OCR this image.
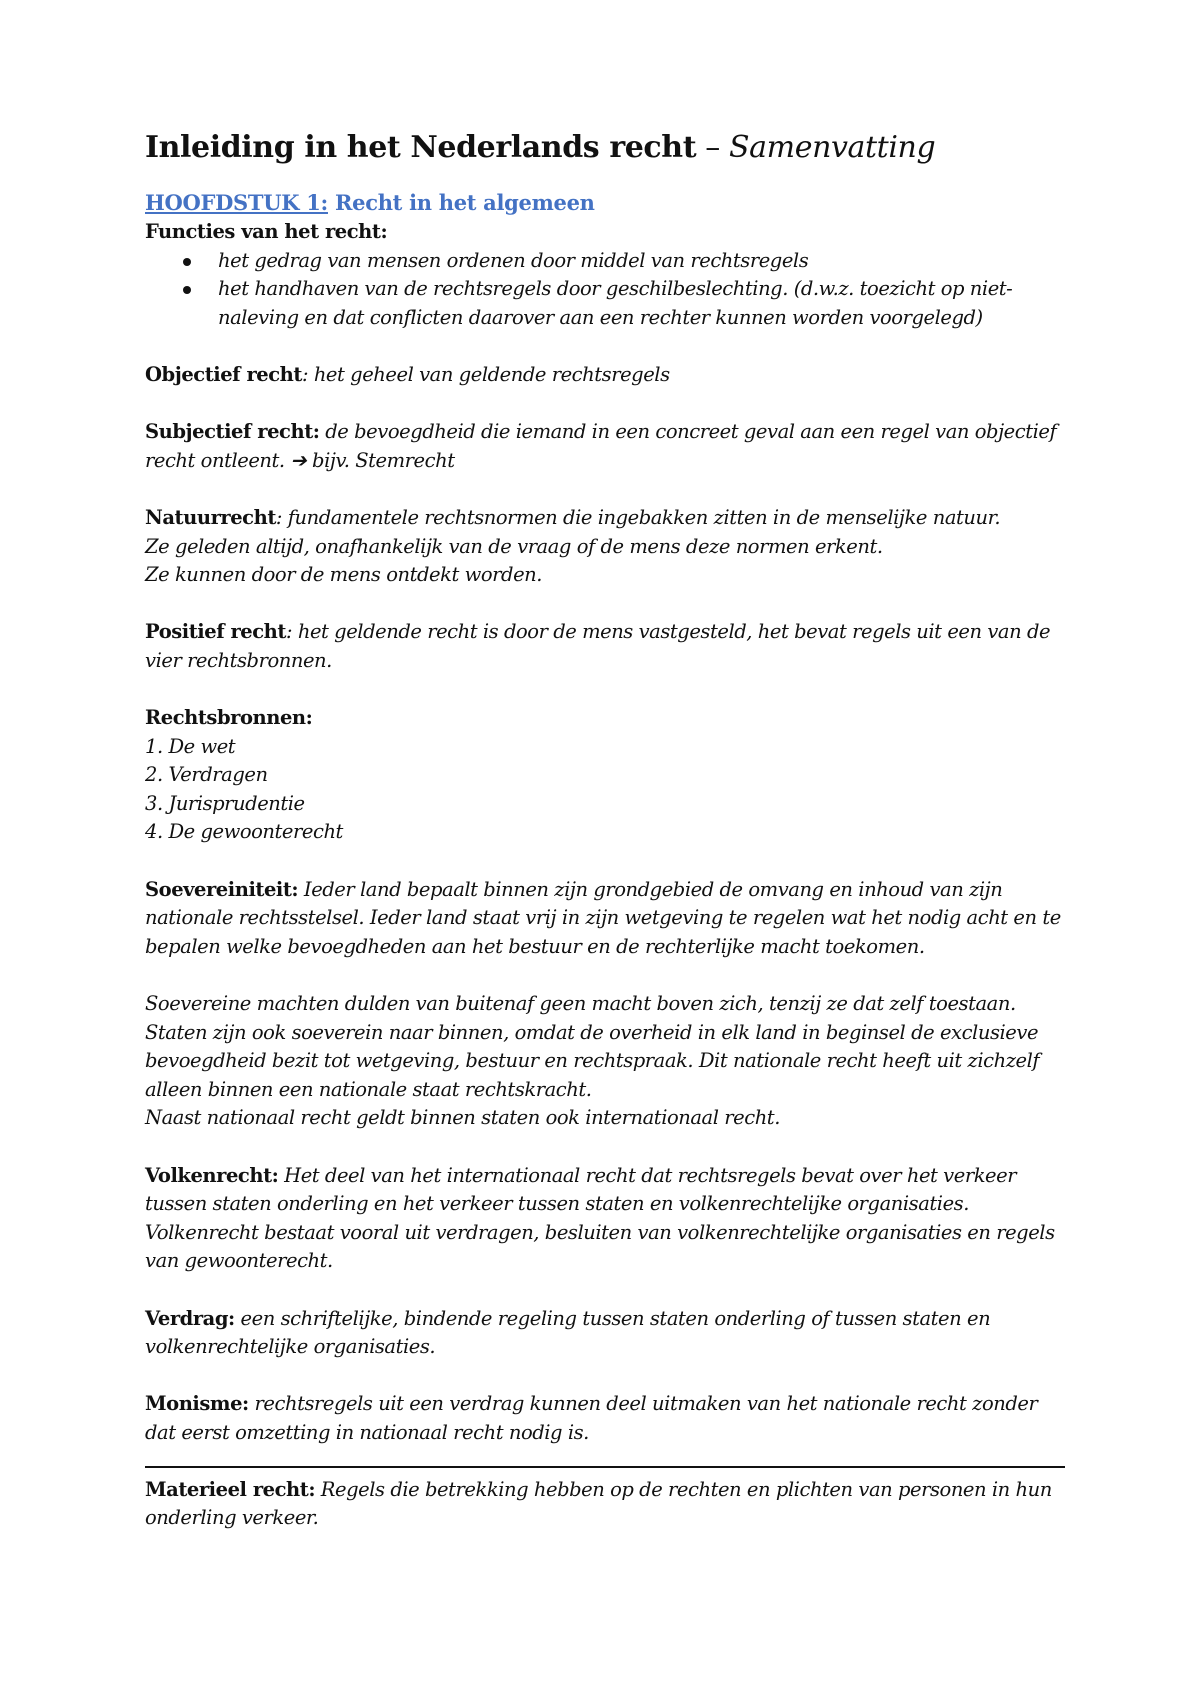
Inleiding in het Nederlands recht – Samenvatting
HOOFDSTUK 1: Recht in het algemeen

Functies van het recht:

het gedrag van mensen ordenen door middel van rechtsregels
het handhaven van de rechtsregels door geschilbeslechting. (d.w.z. toezicht op niet-naleving en dat conflicten daarover aan een rechter kunnen worden voorgelegd)

Objectief recht: het geheel van geldende rechtsregels

Subjectief recht: de bevoegdheid die iemand in een concreet geval aan een regel van objectief recht ontleent. ➔ bijv. Stemrecht

Natuurrecht: fundamentele rechtsnormen die ingebakken zitten in de menselijke natuur.
Ze geleden altijd, onafhankelijk van de vraag of de mens deze normen erkent.
Ze kunnen door de mens ontdekt worden.

Positief recht: het geldende recht is door de mens vastgesteld, het bevat regels uit een van de vier rechtsbronnen.

Rechtsbronnen:

1. De wet
2. Verdragen
3. Jurisprudentie
4. De gewoonterecht

Soevereiniteit: Ieder land bepaalt binnen zijn grondgebied de omvang en inhoud van zijn nationale rechtsstelsel. Ieder land staat vrij in zijn wetgeving te regelen wat het nodig acht en te bepalen welke bevoegdheden aan het bestuur en de rechterlijke macht toekomen.

Soevereine machten dulden van buitenaf geen macht boven zich, tenzij ze dat zelf toestaan. Staten zijn ook soeverein naar binnen, omdat de overheid in elk land in beginsel de exclusieve bevoegdheid bezit tot wetgeving, bestuur en rechtspraak. Dit nationale recht heeft uit zichzelf alleen binnen een nationale staat rechtskracht.
Naast nationaal recht geldt binnen staten ook internationaal recht.

Volkenrecht: Het deel van het internationaal recht dat rechtsregels bevat over het verkeer tussen staten onderling en het verkeer tussen staten en volkenrechtelijke organisaties.
Volkenrecht bestaat vooral uit verdragen, besluiten van volkenrechtelijke organisaties en regels van gewoonterecht.

Verdrag: een schriftelijke, bindende regeling tussen staten onderling of tussen staten en volkenrechtelijke organisaties.

Monisme: rechtsregels uit een verdrag kunnen deel uitmaken van het nationale recht zonder dat eerst omzetting in nationaal recht nodig is.

Materieel recht: Regels die betrekking hebben op de rechten en plichten van personen in hun onderling verkeer.
